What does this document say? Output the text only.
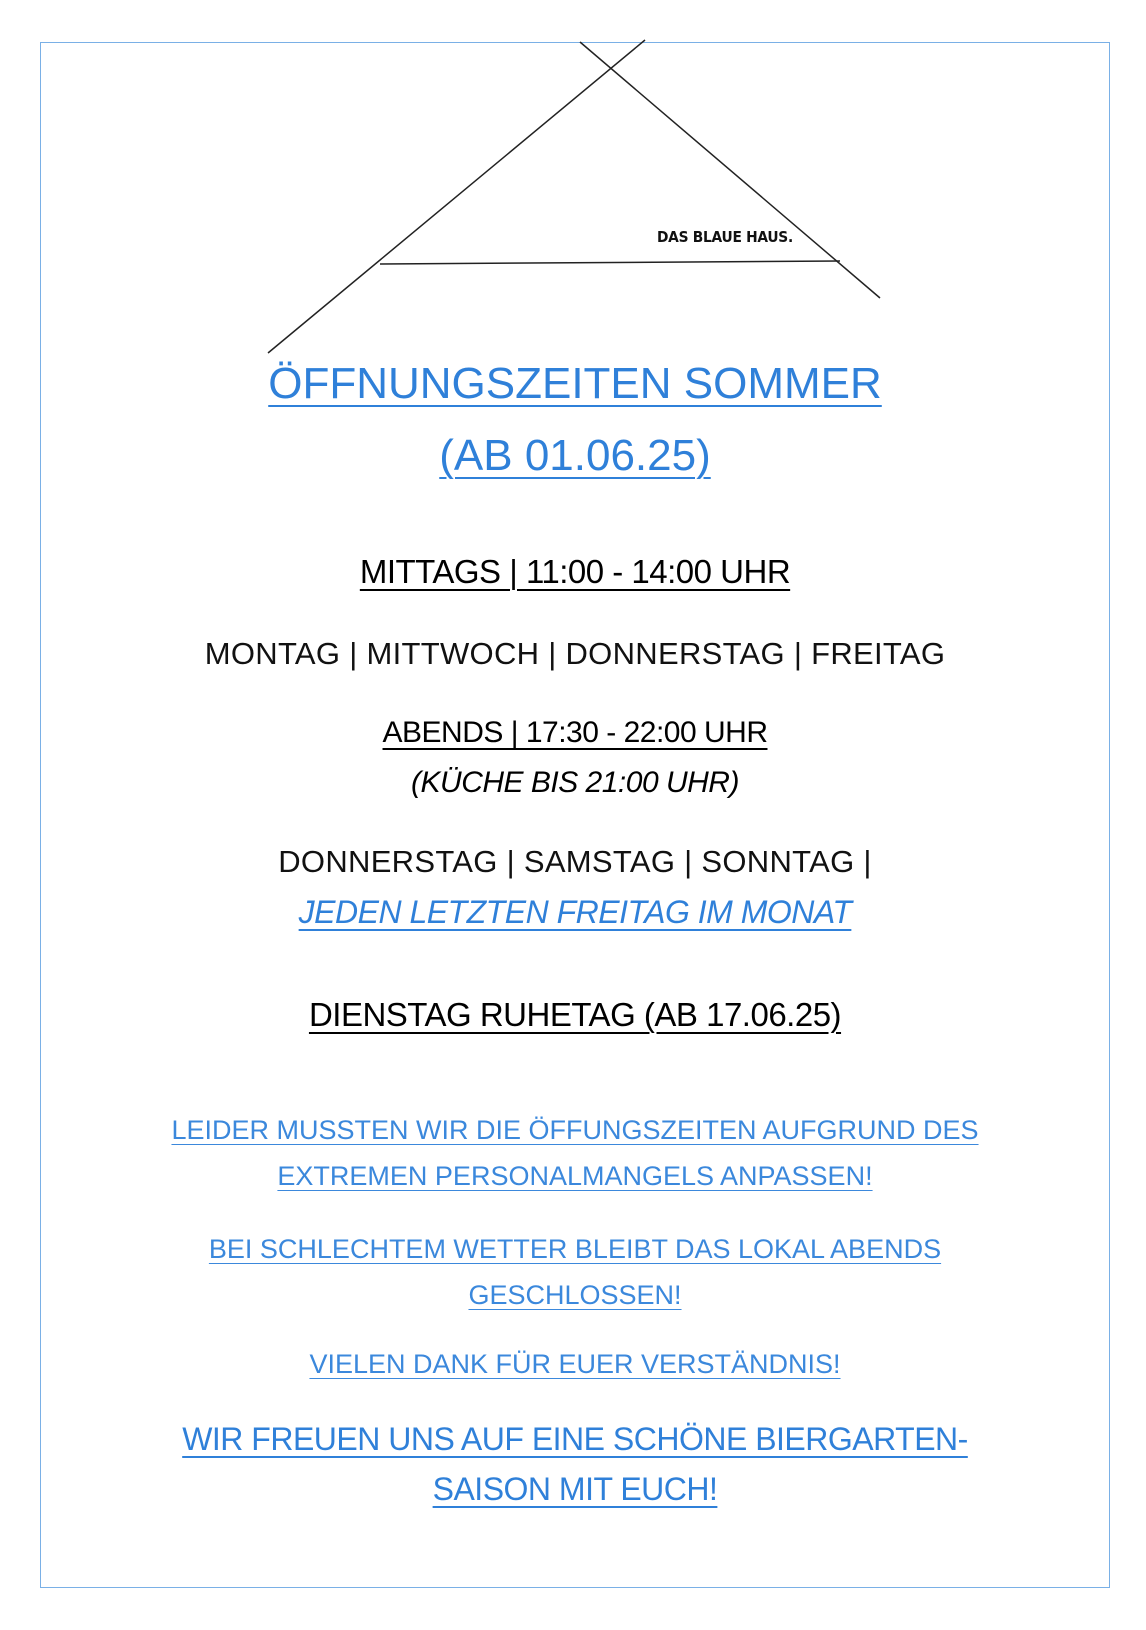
DAS BLAUE HAUS.
ÖFFNUNGSZEITEN SOMMER
(AB 01.06.25)
MITTAGS | 11:00 - 14:00 UHR
MONTAG | MITTWOCH | DONNERSTAG | FREITAG
ABENDS | 17:30 - 22:00 UHR
(KÜCHE BIS 21:00 UHR)
DONNERSTAG | SAMSTAG | SONNTAG |
JEDEN LETZTEN FREITAG IM MONAT
DIENSTAG RUHETAG (AB 17.06.25)
LEIDER MUSSTEN WIR DIE ÖFFUNGSZEITEN AUFGRUND DES
EXTREMEN PERSONALMANGELS ANPASSEN!
BEI SCHLECHTEM WETTER BLEIBT DAS LOKAL ABENDS
GESCHLOSSEN!
VIELEN DANK FÜR EUER VERSTÄNDNIS!
WIR FREUEN UNS AUF EINE SCHÖNE BIERGARTEN-
SAISON MIT EUCH!
